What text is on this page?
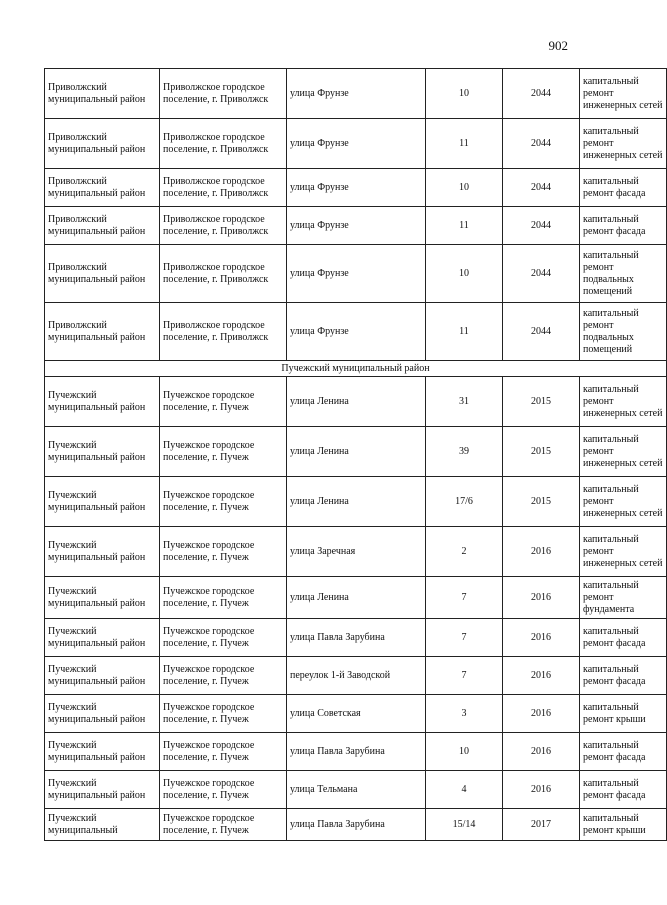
902
Приволжский муниципальный район	Приволжское городское поселение, г. Приволжск	улица Фрунзе	10	2044	капитальный ремонт инженерных сетей
Приволжский муниципальный район	Приволжское городское поселение, г. Приволжск	улица Фрунзе	11	2044	капитальный ремонт инженерных сетей
Приволжский муниципальный район	Приволжское городское поселение, г. Приволжск	улица Фрунзе	10	2044	капитальный ремонт фасада
Приволжский муниципальный район	Приволжское городское поселение, г. Приволжск	улица Фрунзе	11	2044	капитальный ремонт фасада
Приволжский муниципальный район	Приволжское городское поселение, г. Приволжск	улица Фрунзе	10	2044	капитальный ремонт подвальных помещений
Приволжский муниципальный район	Приволжское городское поселение, г. Приволжск	улица Фрунзе	11	2044	капитальный ремонт подвальных помещений
Пучежский муниципальный район					
Пучежский муниципальный район	Пучежское городское поселение, г. Пучеж	улица Ленина	31	2015	капитальный ремонт инженерных сетей
Пучежский муниципальный район	Пучежское городское поселение, г. Пучеж	улица Ленина	39	2015	капитальный ремонт инженерных сетей
Пучежский муниципальный район	Пучежское городское поселение, г. Пучеж	улица Ленина	17/6	2015	капитальный ремонт инженерных сетей
Пучежский муниципальный район	Пучежское городское поселение, г. Пучеж	улица Заречная	2	2016	капитальный ремонт инженерных сетей
Пучежский муниципальный район	Пучежское городское поселение, г. Пучеж	улица Ленина	7	2016	капитальный ремонт фундамента
Пучежский муниципальный район	Пучежское городское поселение, г. Пучеж	улица Павла Зарубина	7	2016	капитальный ремонт фасада
Пучежский муниципальный район	Пучежское городское поселение, г. Пучеж	переулок 1-й Заводской	7	2016	капитальный ремонт фасада
Пучежский муниципальный район	Пучежское городское поселение, г. Пучеж	улица Советская	3	2016	капитальный ремонт крыши
Пучежский муниципальный район	Пучежское городское поселение, г. Пучеж	улица Павла Зарубина	10	2016	капитальный ремонт фасада
Пучежский муниципальный район	Пучежское городское поселение, г. Пучеж	улица Тельмана	4	2016	капитальный ремонт фасада
Пучежский муниципальный	Пучежское городское поселение, г. Пучеж	улица Павла Зарубина	15/14	2017	капитальный ремонт крыши
